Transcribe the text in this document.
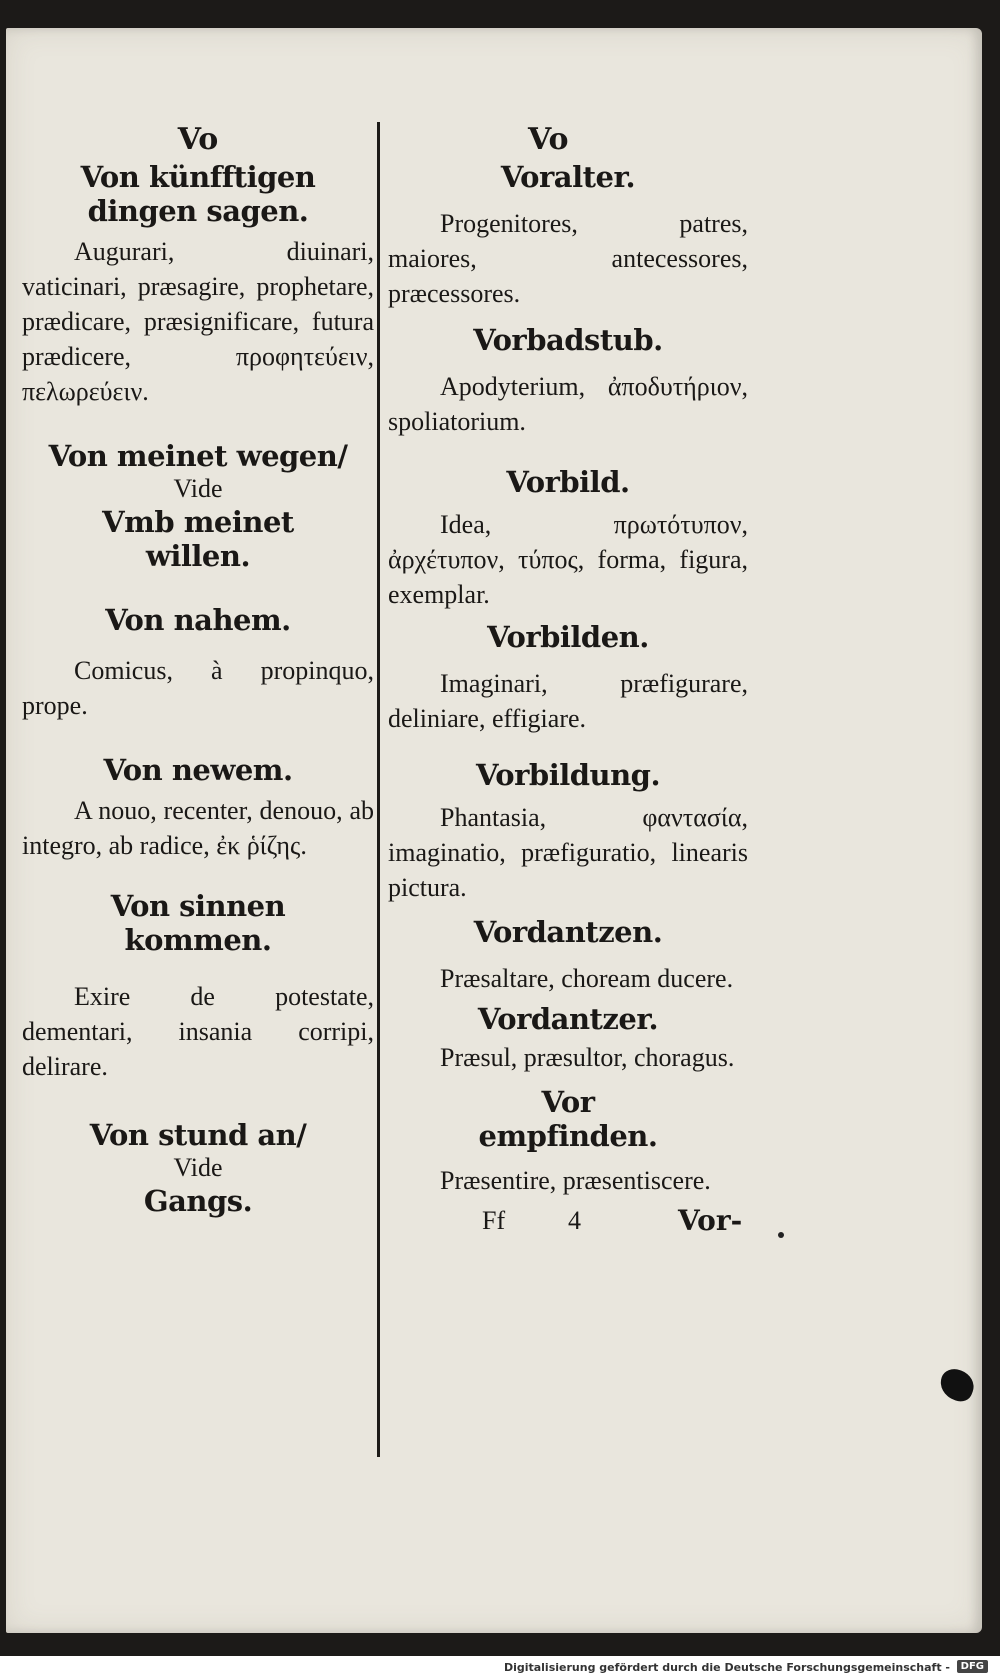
Vo
Von künfftigen dingen sagen.
Augurari, diuinari, vaticinari, præsagire, prophetare, prædicare, præsignificare, futura prædicere, προφητεύειν, πελωρεύειν.
Von meinet wegen/
Vide
Vmb meinet willen.
Von nahem.
Comicus, à propinquo, prope.
Von newem.
A nouo, recenter, denouo, ab integro, ab radice, ἐκ ῥίζης.
Von sinnen kommen.
Exire de potestate, dementari, insania corripi, delirare.
Von stund an/
Vide
Gangs.
Vo
Voralter.
Progenitores, patres, maiores, antecessores, præcessores.
Vorbadstub.
Apodyterium, ἀποδυτήριον, spoliatorium.
Vorbild.
Idea, πρωτότυπον, ἀρχέτυπον, τύπος, forma, figura, exemplar.
Vorbilden.
Imaginari, præfigurare, deliniare, effigiare.
Vorbildung.
Phantasia, φαντασία, imaginatio, præfiguratio, linearis pictura.
Vordantzen.
Præsaltare, choream ducere.
Vordantzer.
Præsul, præsultor, choragus.
Vor empfinden.
Præsentire, præsentiscere.
Ff 4	Vor-
Digitalisierung gefördert durch die Deutsche Forschungsgemeinschaft -	DFG
